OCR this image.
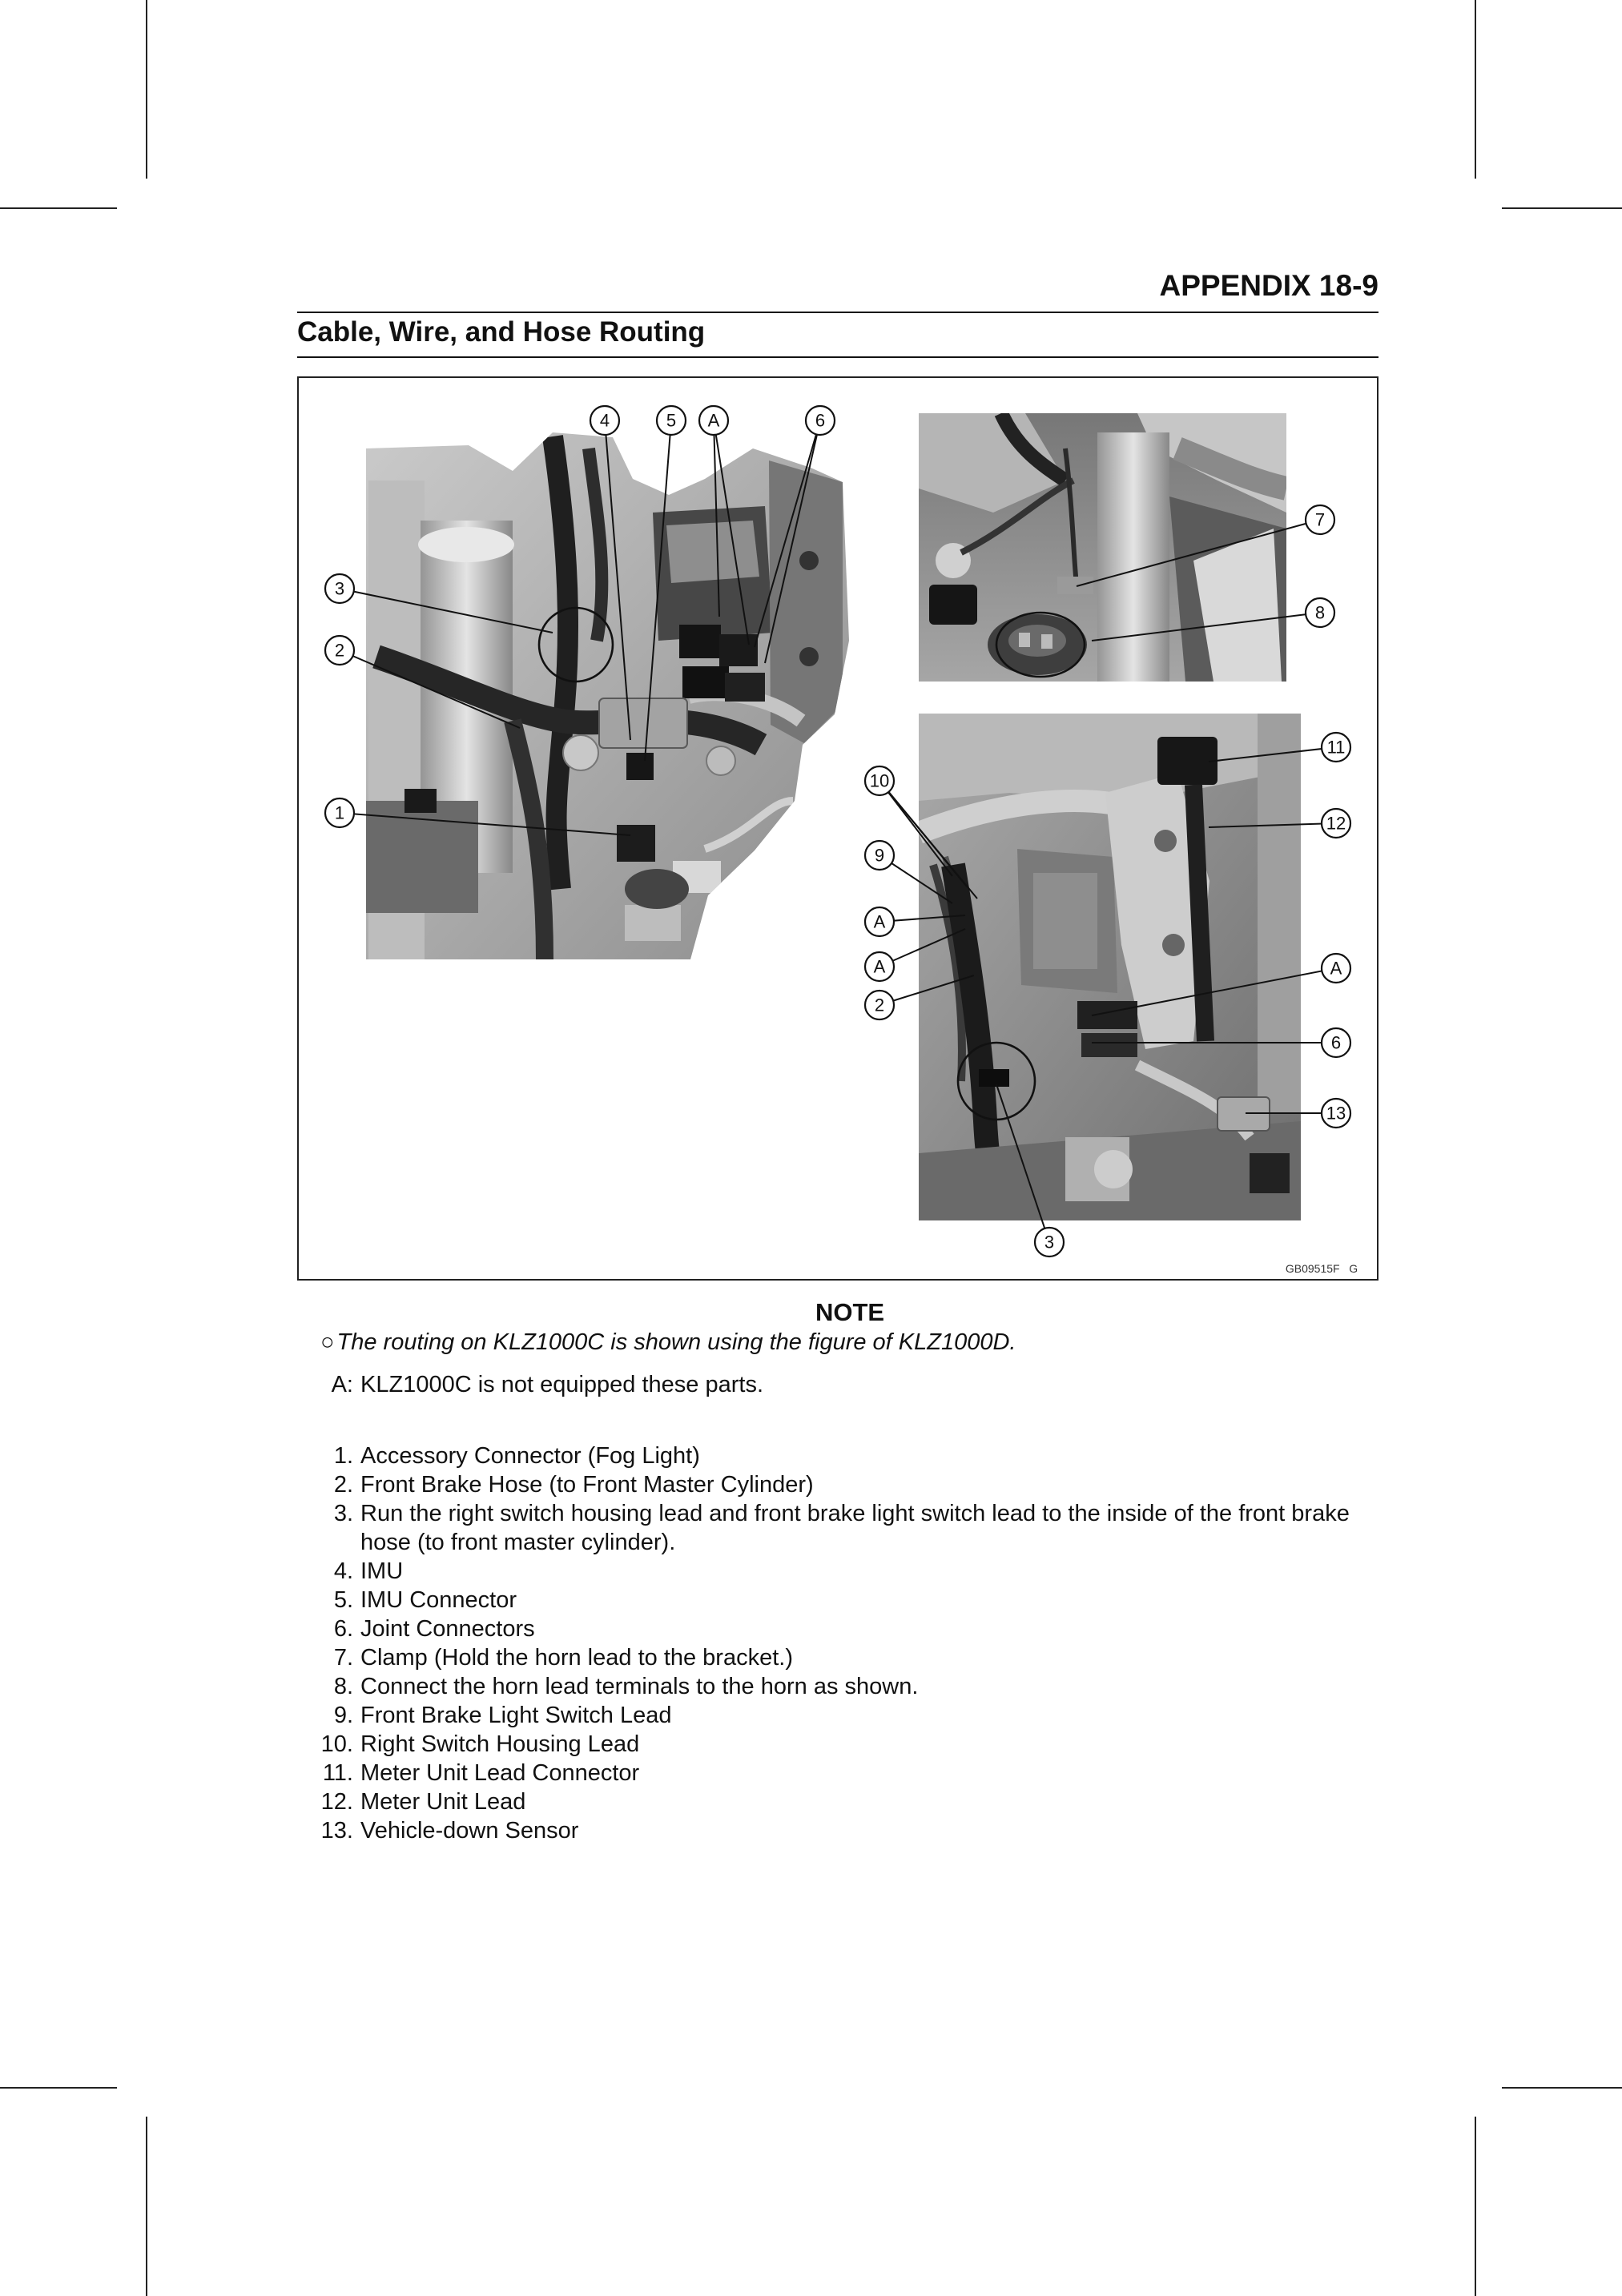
APPENDIX 18-9
Cable, Wire, and Hose Routing
4	5 A	6
3
2
1
7
8
10
9
A
A
2
11
12
A
6
13
3
GB09515F   G
NOTE
○ The routing on KLZ1000C is shown using the figure of KLZ1000D.
A: KLZ1000C is not equipped these parts.
1. Accessory Connector (Fog Light)
2. Front Brake Hose (to Front Master Cylinder)
3. Run the right switch housing lead and front brake light switch lead to the inside of the front brake hose (to front master cylinder).
4. IMU
5. IMU Connector
6. Joint Connectors
7. Clamp (Hold the horn lead to the bracket.)
8. Connect the horn lead terminals to the horn as shown.
9. Front Brake Light Switch Lead
10. Right Switch Housing Lead
11. Meter Unit Lead Connector
12. Meter Unit Lead
13. Vehicle-down Sensor
